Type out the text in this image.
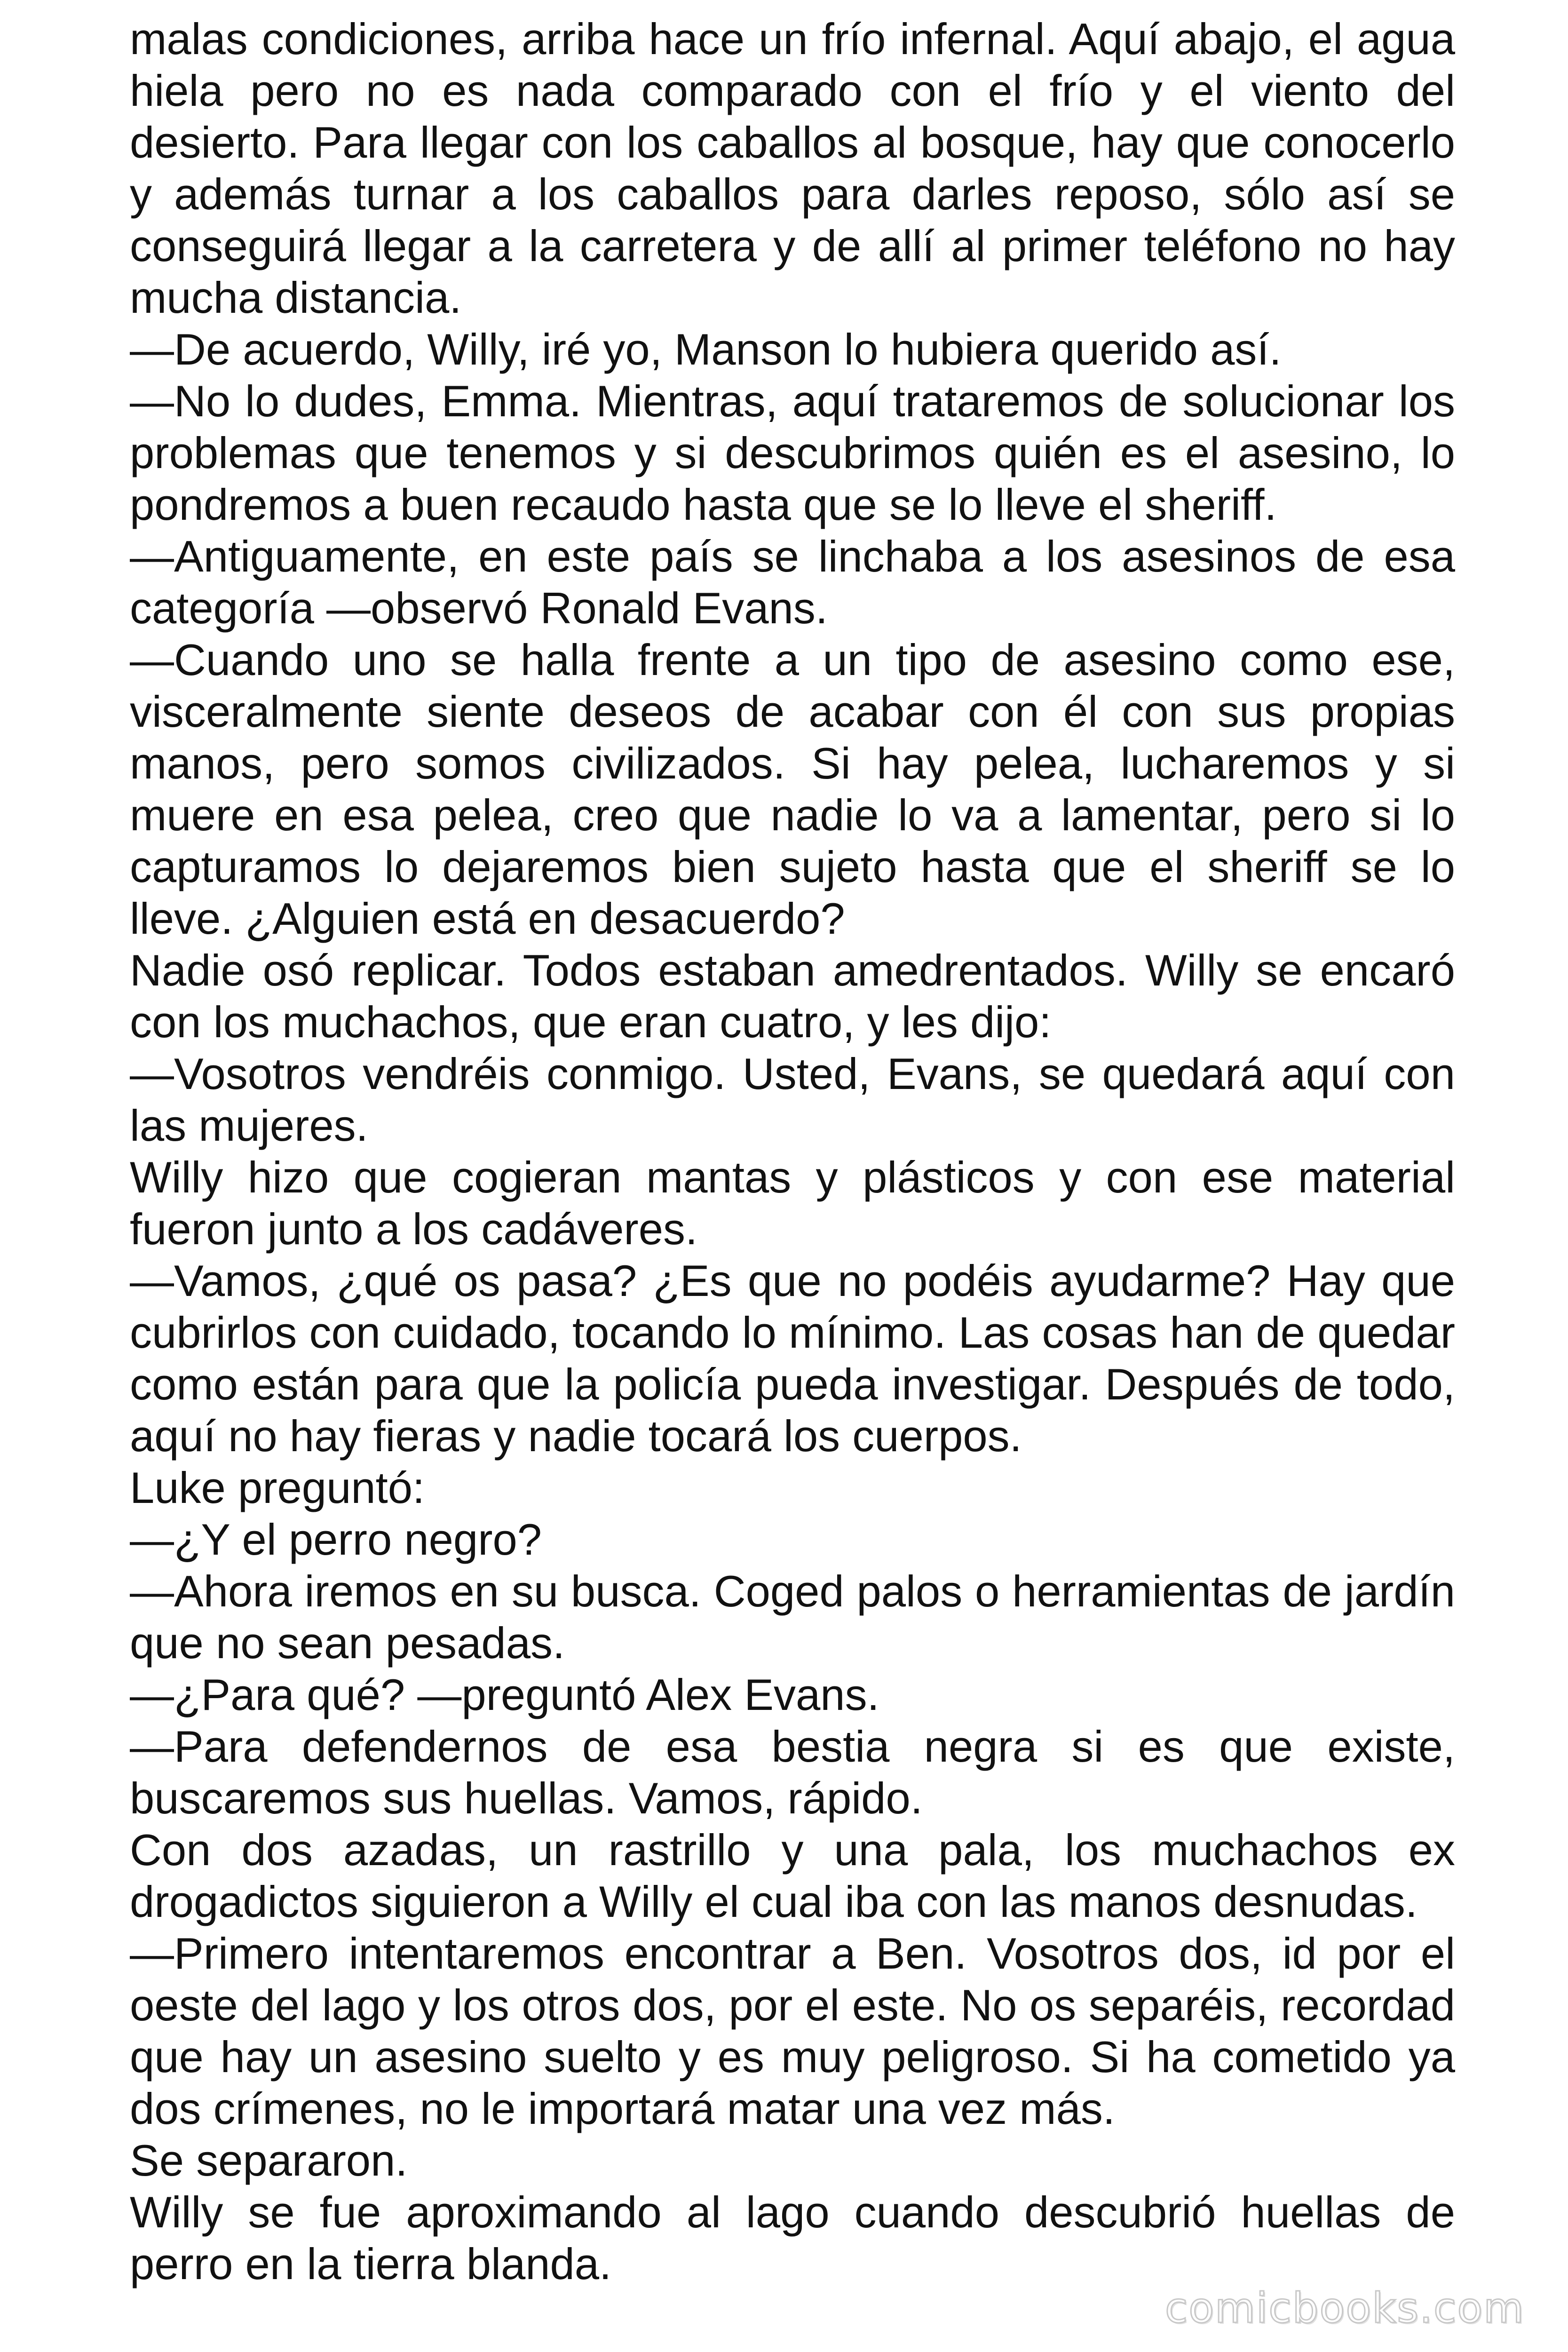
malas condiciones, arriba hace un frío infernal. Aquí abajo, el agua hiela pero no es nada comparado con el frío y el viento del desierto. Para llegar con los caballos al bosque, hay que conocerlo y además turnar a los caballos para darles reposo, sólo así se conseguirá llegar a la carretera y de allí al primer teléfono no hay mucha distancia.

—De acuerdo, Willy, iré yo, Manson lo hubiera querido así.

—No lo dudes, Emma. Mientras, aquí trataremos de solucionar los problemas que tenemos y si descubrimos quién es el asesino, lo pondremos a buen recaudo hasta que se lo lleve el sheriff.

—Antiguamente, en este país se linchaba a los asesinos de esa categoría —observó Ronald Evans.

—Cuando uno se halla frente a un tipo de asesino como ese, visceralmente siente deseos de acabar con él con sus propias manos, pero somos civilizados. Si hay pelea, lucharemos y si muere en esa pelea, creo que nadie lo va a lamentar, pero si lo capturamos lo dejaremos bien sujeto hasta que el sheriff se lo lleve. ¿Alguien está en desacuerdo?

Nadie osó replicar. Todos estaban amedrentados. Willy se encaró con los muchachos, que eran cuatro, y les dijo:

—Vosotros vendréis conmigo. Usted, Evans, se quedará aquí con las mujeres.

Willy hizo que cogieran mantas y plásticos y con ese material fueron junto a los cadáveres.

—Vamos, ¿qué os pasa? ¿Es que no podéis ayudarme? Hay que cubrirlos con cuidado, tocando lo mínimo. Las cosas han de quedar como están para que la policía pueda investigar. Después de todo, aquí no hay fieras y nadie tocará los cuerpos.

Luke preguntó:

—¿Y el perro negro?

—Ahora iremos en su busca. Coged palos o herramientas de jardín que no sean pesadas.

—¿Para qué? —preguntó Alex Evans.

—Para defendernos de esa bestia negra si es que existe, buscaremos sus huellas. Vamos, rápido.

Con dos azadas, un rastrillo y una pala, los muchachos ex drogadictos siguieron a Willy el cual iba con las manos desnudas.

—Primero intentaremos encontrar a Ben. Vosotros dos, id por el oeste del lago y los otros dos, por el este. No os separéis, recordad que hay un asesino suelto y es muy peligroso. Si ha cometido ya dos crímenes, no le importará matar una vez más.

Se separaron.

Willy se fue aproximando al lago cuando descubrió huellas de perro en la tierra blanda.

comicbooks.com
